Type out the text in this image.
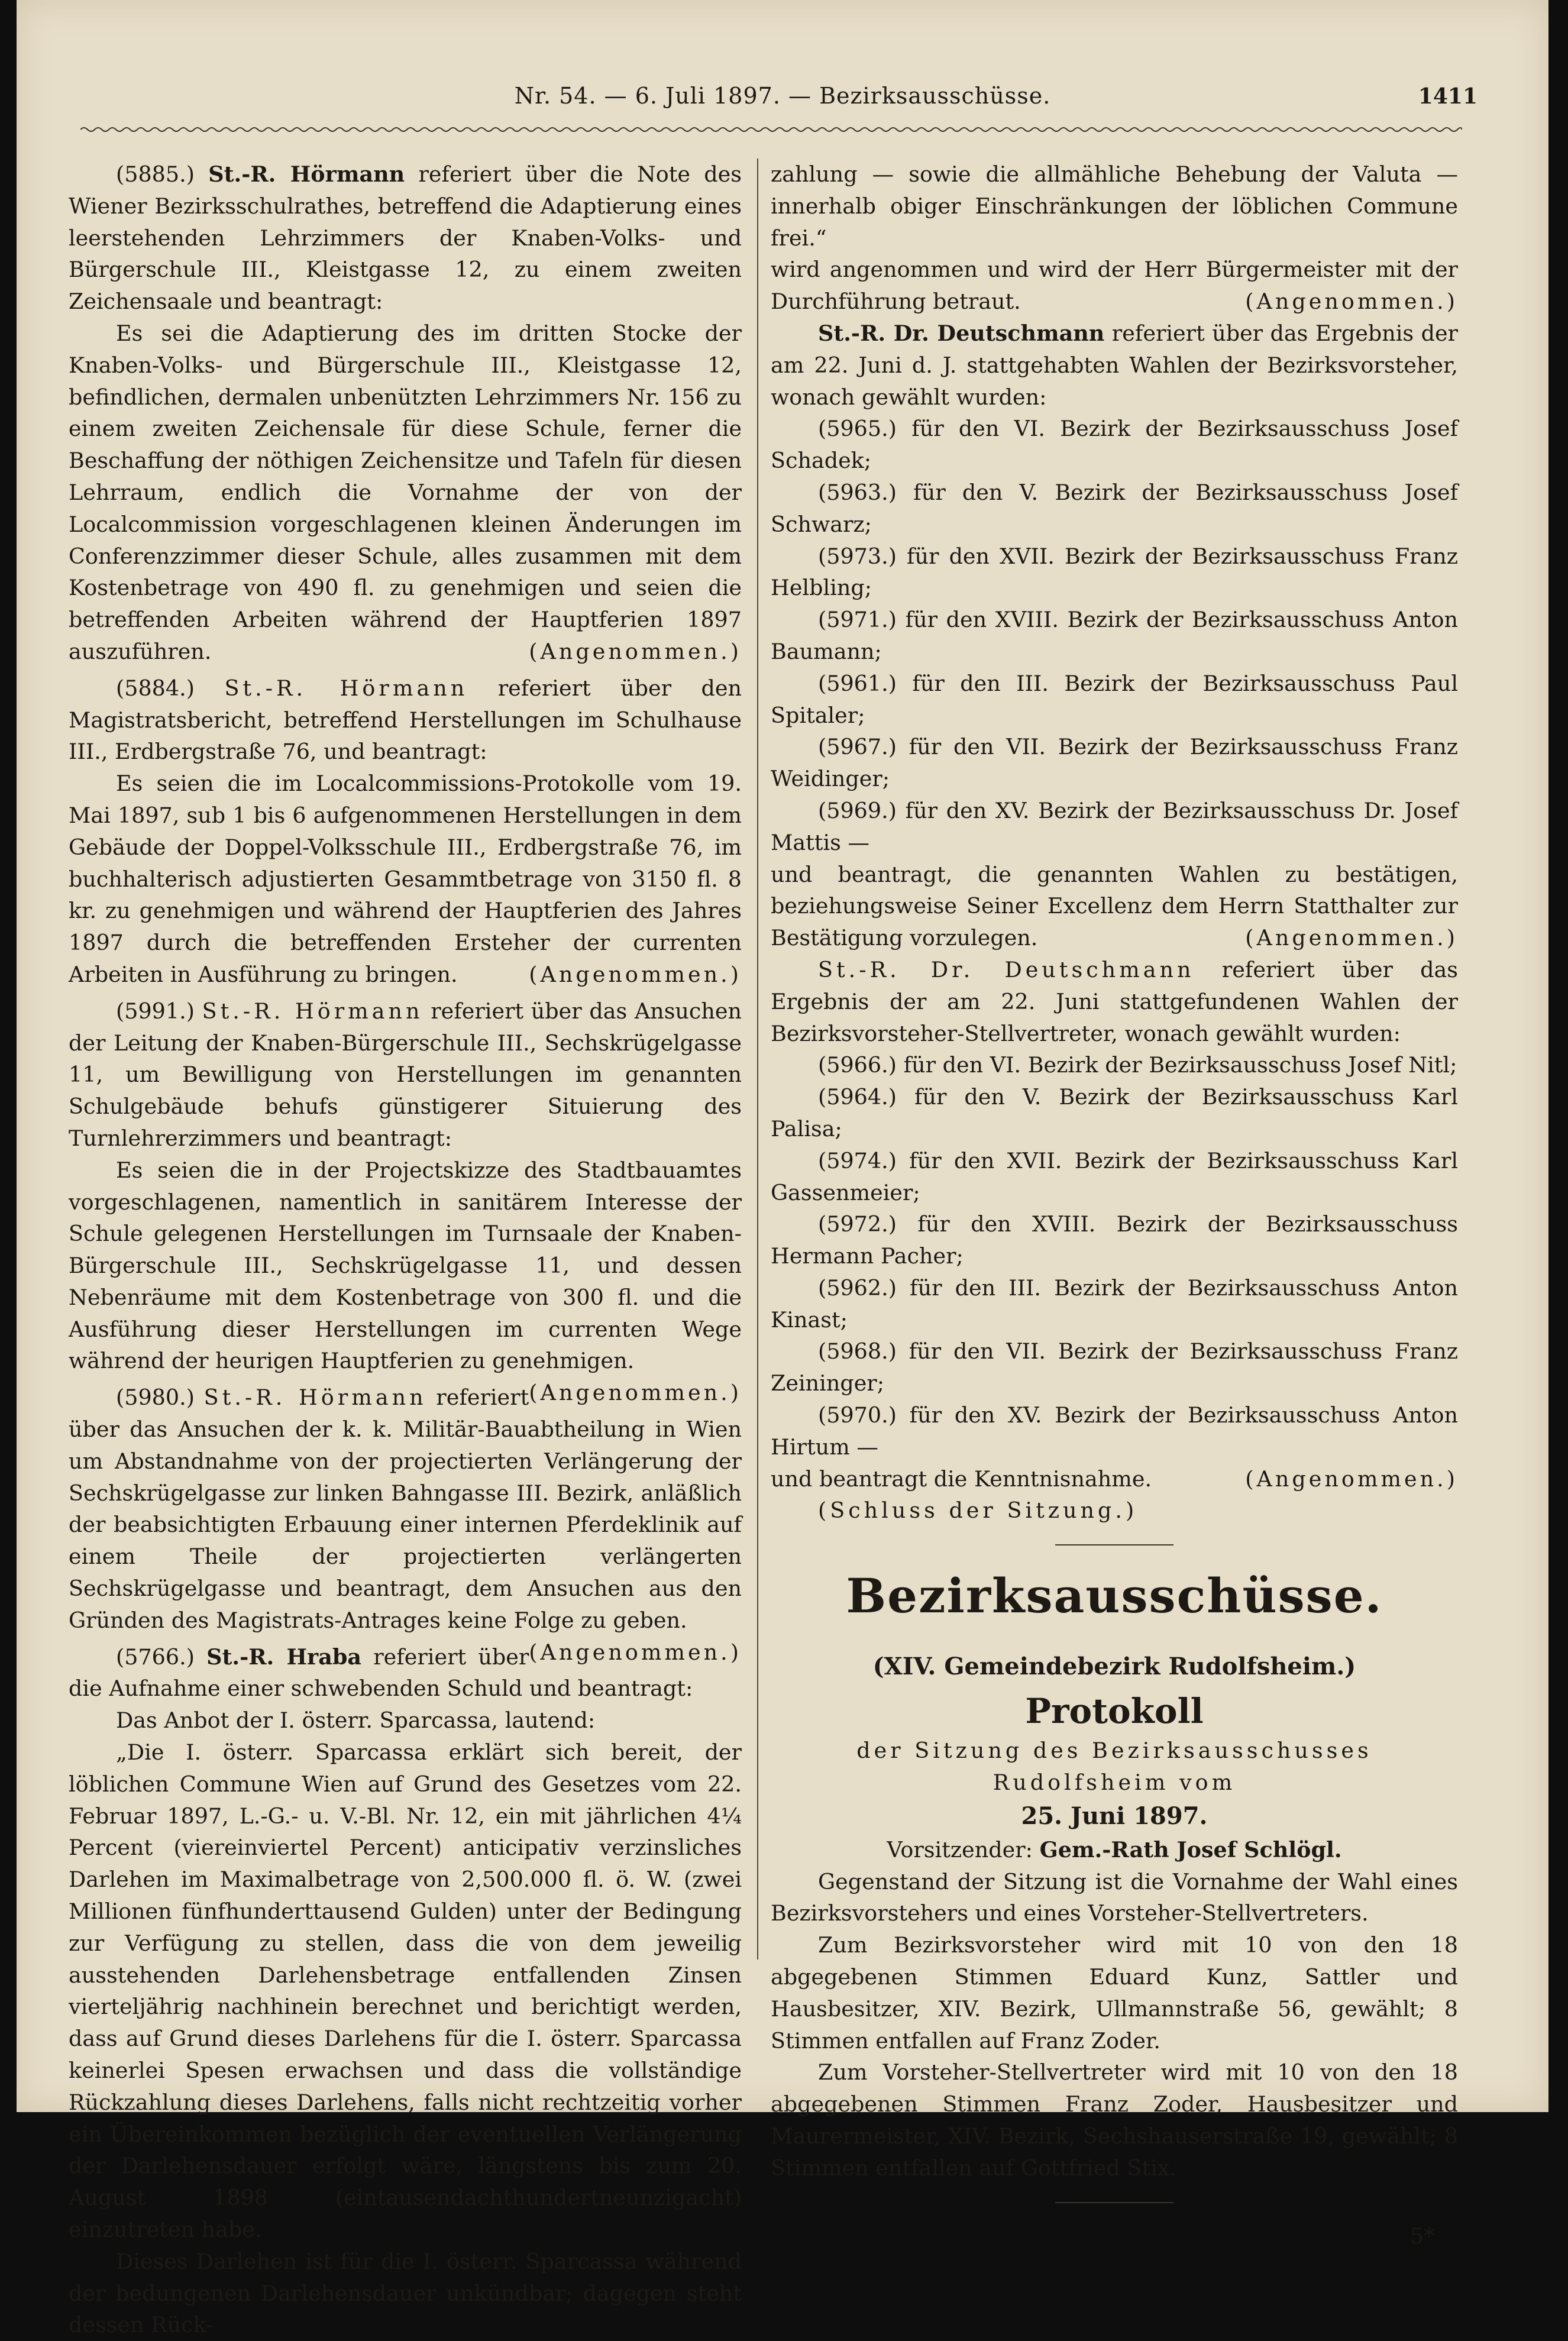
Nr. 54. — 6. Juli 1897. — Bezirksausschüsse.	1411

(5885.) St.-R. Hörmann referiert über die Note des Wiener Bezirksschulrathes, betreffend die Adaptierung eines leerstehenden Lehrzimmers der Knaben-Volks- und Bürgerschule III., Kleistgasse 12, zu einem zweiten Zeichensaale und beantragt:

Es sei die Adaptierung des im dritten Stocke der Knaben-Volks- und Bürgerschule III., Kleistgasse 12, befindlichen, dermalen unbenützten Lehrzimmers Nr. 156 zu einem zweiten Zeichensale für diese Schule, ferner die Beschaffung der nöthigen Zeichensitze und Tafeln für diesen Lehrraum, endlich die Vornahme der von der Localcommission vorgeschlagenen kleinen Änderungen im Conferenzzimmer dieser Schule, alles zusammen mit dem Kostenbetrage von 490 fl. zu genehmigen und seien die betreffenden Arbeiten während der Hauptferien 1897 auszuführen.	(Angenommen.)

(5884.) St.-R. Hörmann referiert über den Magistratsbericht, betreffend Herstellungen im Schulhause III., Erdbergstraße 76, und beantragt:

Es seien die im Localcommissions-Protokolle vom 19. Mai 1897, sub 1 bis 6 aufgenommenen Herstellungen in dem Gebäude der Doppel-Volksschule III., Erdbergstraße 76, im buchhalterisch adjustierten Gesammtbetrage von 3150 fl. 8 kr. zu genehmigen und während der Hauptferien des Jahres 1897 durch die betreffenden Ersteher der currenten Arbeiten in Ausführung zu bringen.	(Angenommen.)

(5991.) St.-R. Hörmann referiert über das Ansuchen der Leitung der Knaben-Bürgerschule III., Sechskrügelgasse 11, um Bewilligung von Herstellungen im genannten Schulgebäude behufs günstigerer Situierung des Turnlehrerzimmers und beantragt:

Es seien die in der Projectskizze des Stadtbauamtes vorgeschlagenen, namentlich in sanitärem Interesse der Schule gelegenen Herstellungen im Turnsaale der Knaben-Bürgerschule III., Sechskrügelgasse 11, und dessen Nebenräume mit dem Kostenbetrage von 300 fl. und die Ausführung dieser Herstellungen im currenten Wege während der heurigen Hauptferien zu genehmigen.
(Angenommen.)

(5980.) St.-R. Hörmann referiert über das Ansuchen der k. k. Militär-Bauabtheilung in Wien um Abstandnahme von der projectierten Verlängerung der Sechskrügelgasse zur linken Bahngasse III. Bezirk, anläßlich der beabsichtigten Erbauung einer internen Pferdeklinik auf einem Theile der projectierten verlängerten Sechskrügelgasse und beantragt, dem Ansuchen aus den Gründen des Magistrats-Antrages keine Folge zu geben.
(Angenommen.)

(5766.) St.-R. Hraba referiert über die Aufnahme einer schwebenden Schuld und beantragt:

Das Anbot der I. österr. Sparcassa, lautend:

„Die I. österr. Sparcassa erklärt sich bereit, der löblichen Commune Wien auf Grund des Gesetzes vom 22. Februar 1897, L.-G.- u. V.-Bl. Nr. 12, ein mit jährlichen 4¼ Percent (viereinviertel Percent) anticipativ verzinsliches Darlehen im Maximalbetrage von 2,500.000 fl. ö. W. (zwei Millionen fünfhunderttausend Gulden) unter der Bedingung zur Verfügung zu stellen, dass die von dem jeweilig ausstehenden Darlehensbetrage entfallenden Zinsen vierteljährig nachhinein berechnet und berichtigt werden, dass auf Grund dieses Darlehens für die I. österr. Sparcassa keinerlei Spesen erwachsen und dass die vollständige Rückzahlung dieses Darlehens, falls nicht rechtzeitig vorher ein Übereinkommen bezüglich der eventuellen Verlängerung der Darlehensdauer erfolgt wäre, längstens bis zum 20. August 1898 (eintausendachthundertneunzigacht) einzutreten habe.

Dieses Darlehen ist für die I. österr. Sparcassa während der bedungenen Darlehensdauer unkündbar; dagegen steht dessen Rück-

zahlung — sowie die allmähliche Behebung der Valuta — innerhalb obiger Einschränkungen der löblichen Commune frei.“

wird angenommen und wird der Herr Bürgermeister mit der Durchführung betraut.	(Angenommen.)

St.-R. Dr. Deutschmann referiert über das Ergebnis der am 22. Juni d. J. stattgehabten Wahlen der Bezirksvorsteher, wonach gewählt wurden:

(5965.) für den VI. Bezirk der Bezirksausschuss Josef Schadek;

(5963.) für den V. Bezirk der Bezirksausschuss Josef Schwarz;

(5973.) für den XVII. Bezirk der Bezirksausschuss Franz Helbling;

(5971.) für den XVIII. Bezirk der Bezirksausschuss Anton Baumann;

(5961.) für den III. Bezirk der Bezirksausschuss Paul Spitaler;

(5967.) für den VII. Bezirk der Bezirksausschuss Franz Weidinger;

(5969.) für den XV. Bezirk der Bezirksausschuss Dr. Josef Mattis —

und beantragt, die genannten Wahlen zu bestätigen, beziehungsweise Seiner Excellenz dem Herrn Statthalter zur Bestätigung vorzulegen.	(Angenommen.)

St.-R. Dr. Deutschmann referiert über das Ergebnis der am 22. Juni stattgefundenen Wahlen der Bezirksvorsteher-Stellvertreter, wonach gewählt wurden:

(5966.) für den VI. Bezirk der Bezirksausschuss Josef Nitl;

(5964.) für den V. Bezirk der Bezirksausschuss Karl Palisa;

(5974.) für den XVII. Bezirk der Bezirksausschuss Karl Gassenmeier;

(5972.) für den XVIII. Bezirk der Bezirksausschuss Hermann Pacher;

(5962.) für den III. Bezirk der Bezirksausschuss Anton Kinast;

(5968.) für den VII. Bezirk der Bezirksausschuss Franz Zeininger;

(5970.) für den XV. Bezirk der Bezirksausschuss Anton Hirtum —

und beantragt die Kenntnisnahme.	(Angenommen.)

(Schluss der Sitzung.)

Bezirksausschüsse.
(XIV. Gemeindebezirk Rudolfsheim.)
Protokoll

der Sitzung des Bezirksausschusses Rudolfsheim vom

25. Juni 1897.

Vorsitzender: Gem.-Rath Josef Schlögl.

Gegenstand der Sitzung ist die Vornahme der Wahl eines Bezirksvorstehers und eines Vorsteher-Stellvertreters.

Zum Bezirksvorsteher wird mit 10 von den 18 abgegebenen Stimmen Eduard Kunz, Sattler und Hausbesitzer, XIV. Bezirk, Ullmannstraße 56, gewählt; 8 Stimmen entfallen auf Franz Zoder.

Zum Vorsteher-Stellvertreter wird mit 10 von den 18 abgegebenen Stimmen Franz Zoder, Hausbesitzer und Maurermeister, XIV. Bezirk, Sechshauserstraße 19, gewählt; 8 Stimmen entfallen auf Gottfried Stix.

5*
